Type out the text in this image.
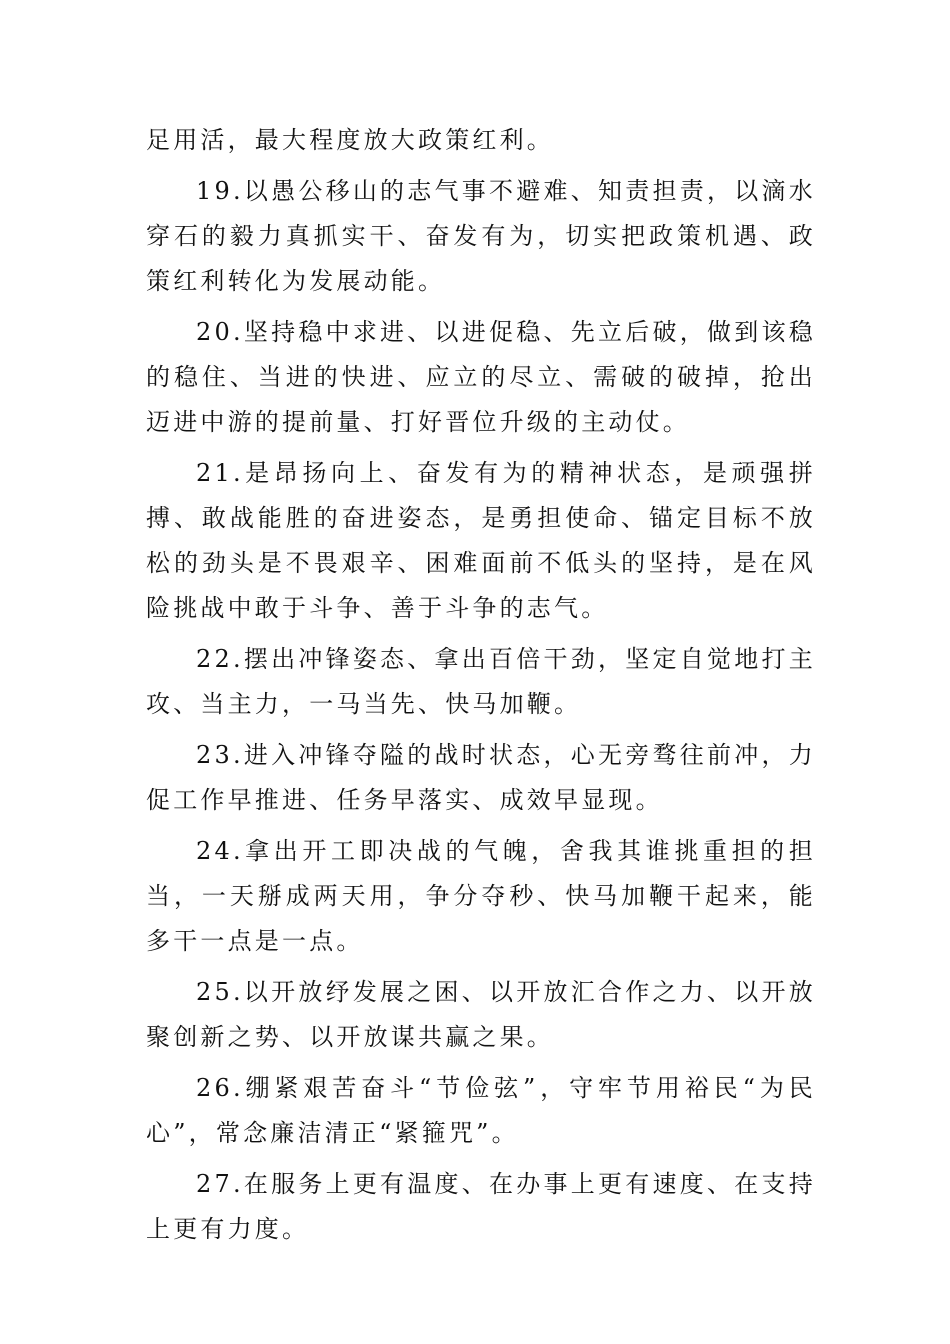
足用活，最大程度放大政策红利。

19.以愚公移山的志气事不避难、知责担责，以滴水穿石的毅力真抓实干、奋发有为，切实把政策机遇、政策红利转化为发展动能。

20.坚持稳中求进、以进促稳、先立后破，做到该稳的稳住、当进的快进、应立的尽立、需破的破掉，抢出迈进中游的提前量、打好晋位升级的主动仗。

21.是昂扬向上、奋发有为的精神状态，是顽强拼搏、敢战能胜的奋进姿态，是勇担使命、锚定目标不放松的劲头是不畏艰辛、困难面前不低头的坚持，是在风险挑战中敢于斗争、善于斗争的志气。

22.摆出冲锋姿态、拿出百倍干劲，坚定自觉地打主攻、当主力，一马当先、快马加鞭。

23.进入冲锋夺隘的战时状态，心无旁骛往前冲，力促工作早推进、任务早落实、成效早显现。

24.拿出开工即决战的气魄，舍我其谁挑重担的担当，一天掰成两天用，争分夺秒、快马加鞭干起来，能多干一点是一点。

25.以开放纾发展之困、以开放汇合作之力、以开放聚创新之势、以开放谋共赢之果。

26.绷紧艰苦奋斗“节俭弦”，守牢节用裕民“为民心”，常念廉洁清正“紧箍咒”。

27.在服务上更有温度、在办事上更有速度、在支持上更有力度。
